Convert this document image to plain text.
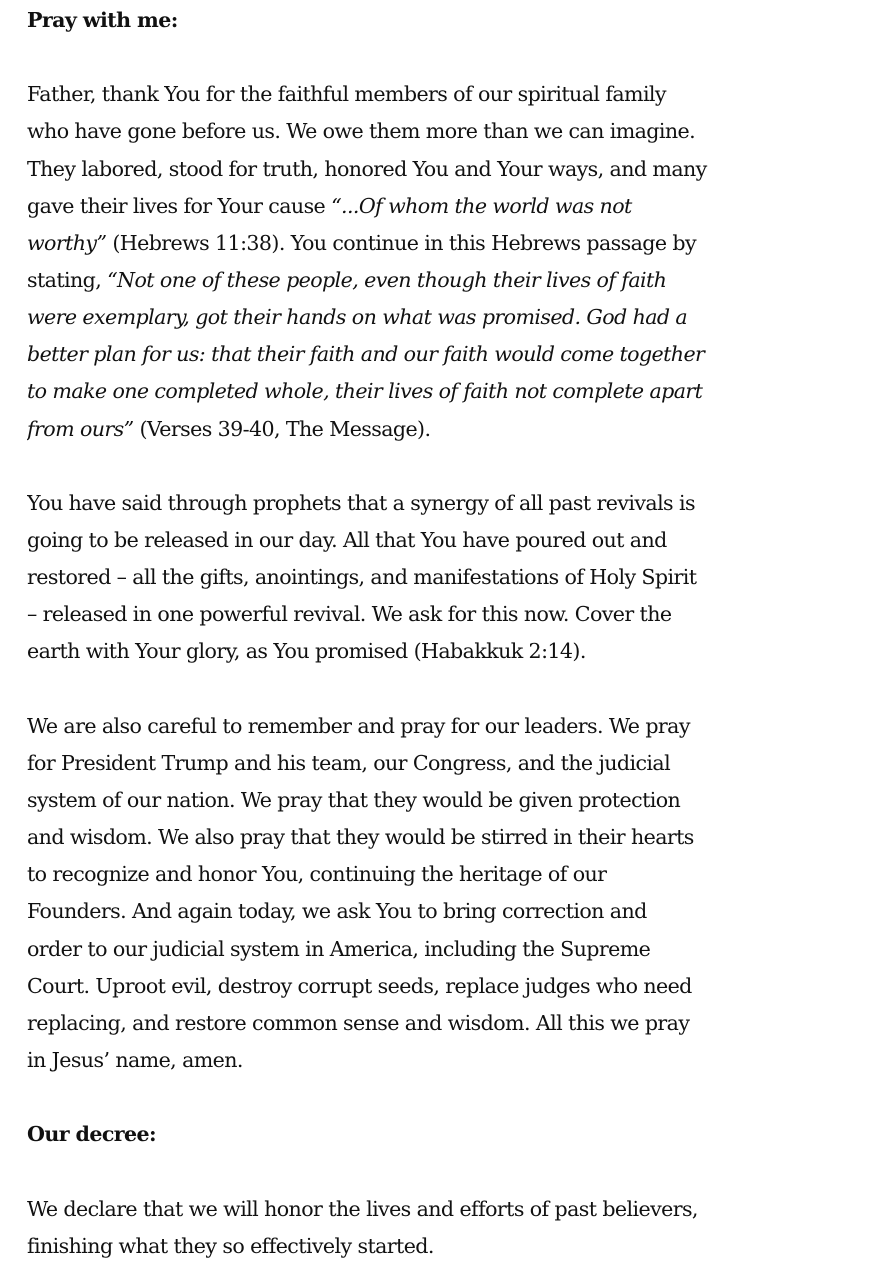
Pray with me:
Father, thank You for the faithful members of our spiritual family
who have gone before us. We owe them more than we can imagine.
They labored, stood for truth, honored You and Your ways, and many
gave their lives for Your cause “...Of whom the world was not
worthy” (Hebrews 11:38). You continue in this Hebrews passage by
stating, “Not one of these people, even though their lives of faith
were exemplary, got their hands on what was promised. God had a
better plan for us: that their faith and our faith would come together
to make one completed whole, their lives of faith not complete apart
from ours” (Verses 39-40, The Message).
You have said through prophets that a synergy of all past revivals is
going to be released in our day. All that You have poured out and
restored – all the gifts, anointings, and manifestations of Holy Spirit
– released in one powerful revival. We ask for this now. Cover the
earth with Your glory, as You promised (Habakkuk 2:14).
We are also careful to remember and pray for our leaders. We pray
for President Trump and his team, our Congress, and the judicial
system of our nation. We pray that they would be given protection
and wisdom. We also pray that they would be stirred in their hearts
to recognize and honor You, continuing the heritage of our
Founders. And again today, we ask You to bring correction and
order to our judicial system in America, including the Supreme
Court. Uproot evil, destroy corrupt seeds, replace judges who need
replacing, and restore common sense and wisdom. All this we pray
in Jesus’ name, amen.
Our decree:
We declare that we will honor the lives and efforts of past believers,
finishing what they so effectively started.
